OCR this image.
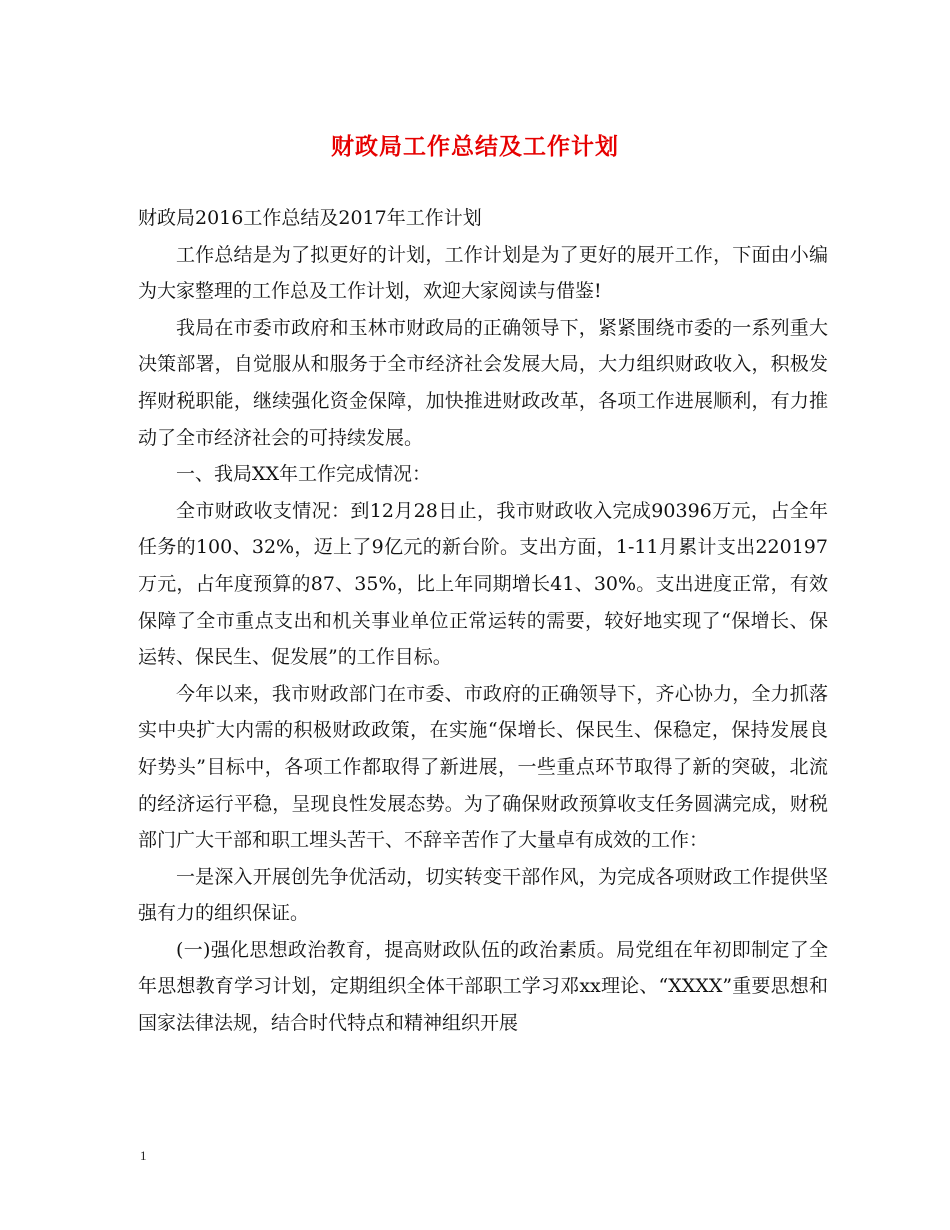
财政局工作总结及工作计划

财政局2016工作总结及2017年工作计划

工作总结是为了拟更好的计划，工作计划是为了更好的展开工作，下面由小编为大家整理的工作总及工作计划，欢迎大家阅读与借鉴!

我局在市委市政府和玉林市财政局的正确领导下，紧紧围绕市委的一系列重大决策部署，自觉服从和服务于全市经济社会发展大局，大力组织财政收入，积极发挥财税职能，继续强化资金保障，加快推进财政改革，各项工作进展顺利，有力推动了全市经济社会的可持续发展。

一、我局XX年工作完成情况：

全市财政收支情况：到12月28日止，我市财政收入完成90396万元，占全年任务的100、32%，迈上了9亿元的新台阶。支出方面，1-11月累计支出220197万元，占年度预算的87、35%，比上年同期增长41、30%。支出进度正常，有效保障了全市重点支出和机关事业单位正常运转的需要，较好地实现了“保增长、保运转、保民生、促发展”的工作目标。

今年以来，我市财政部门在市委、市政府的正确领导下，齐心协力，全力抓落实中央扩大内需的积极财政政策，在实施“保增长、保民生、保稳定，保持发展良好势头”目标中，各项工作都取得了新进展，一些重点环节取得了新的突破，北流的经济运行平稳，呈现良性发展态势。为了确保财政预算收支任务圆满完成，财税部门广大干部和职工埋头苦干、不辞辛苦作了大量卓有成效的工作：

一是深入开展创先争优活动，切实转变干部作风，为完成各项财政工作提供坚强有力的组织保证。

(一)强化思想政治教育，提高财政队伍的政治素质。局党组在年初即制定了全年思想教育学习计划，定期组织全体干部职工学习邓xx理论、“XXXX”重要思想和国家法律法规，结合时代特点和精神组织开展

1
